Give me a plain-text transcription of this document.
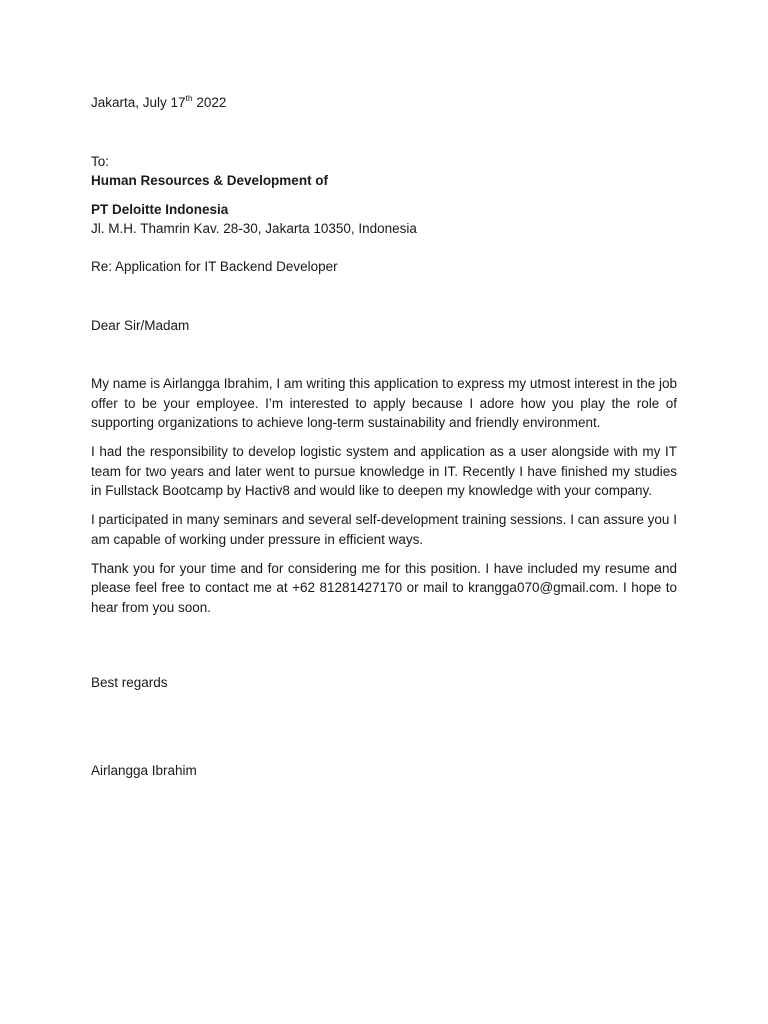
Jakarta, July 17th 2022
To:
Human Resources & Development of
PT Deloitte Indonesia
Jl. M.H. Thamrin Kav. 28-30, Jakarta 10350, Indonesia
Re: Application for IT Backend Developer
Dear Sir/Madam

My name is Airlangga Ibrahim, I am writing this application to express my utmost interest in the job offer to be your employee. I’m interested to apply because I adore how you play the role of supporting organizations to achieve long-term sustainability and friendly environment.

I had the responsibility to develop logistic system and application as a user alongside with my IT team for two years and later went to pursue knowledge in IT. Recently I have finished my studies in Fullstack Bootcamp by Hactiv8 and would like to deepen my knowledge with your company.

I participated in many seminars and several self-development training sessions. I can assure you I am capable of working under pressure in efficient ways.

Thank you for your time and for considering me for this position. I have included my resume and please feel free to contact me at +62 81281427170 or mail to krangga070@gmail.com. I hope to hear from you soon.

Best regards
Airlangga Ibrahim
